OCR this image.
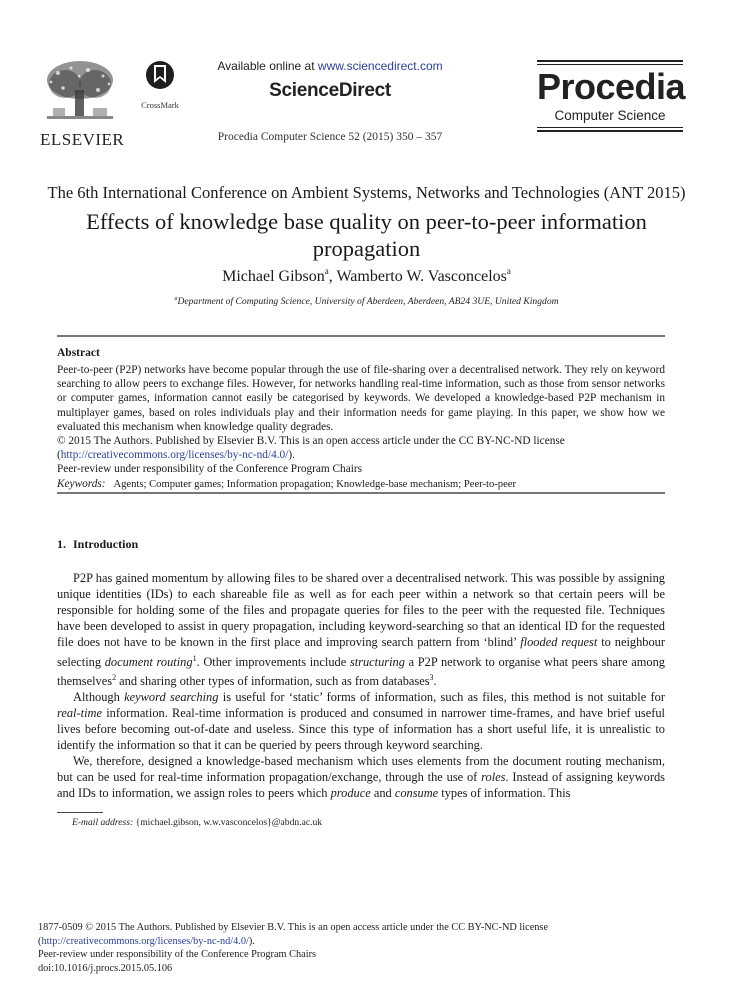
ELSEVIER
CrossMark
Available online at www.sciencedirect.com
ScienceDirect
Procedia Computer Science 52 (2015) 350 – 357
Procedia
Computer Science
The 6th International Conference on Ambient Systems, Networks and Technologies (ANT 2015)
Effects of knowledge base quality on peer-to-peer information propagation
Michael Gibson$^a$, Wamberto W. Vasconcelos$^a$
$^a$Department of Computing Science, University of Aberdeen, Aberdeen, AB24 3UE, United Kingdom
Abstract

Peer-to-peer (P2P) networks have become popular through the use of file-sharing over a decentralised network. They rely on keyword searching to allow peers to exchange files. However, for networks handling real-time information, such as those from sensor networks or computer games, information cannot easily be categorised by keywords. We developed a knowledge-based P2P mechanism in multiplayer games, based on roles individuals play and their information needs for game playing. In this paper, we show how we evaluated this mechanism when knowledge quality degrades.

© 2015 The Authors. Published by Elsevier B.V. This is an open access article under the CC BY-NC-ND license

(http://creativecommons.org/licenses/by-nc-nd/4.0/).

Peer-review under responsibility of the Conference Program Chairs

Keywords: Agents; Computer games; Information propagation; Knowledge-base mechanism; Peer-to-peer

1. Introduction

P2P has gained momentum by allowing files to be shared over a decentralised network. This was possible by assigning unique identities (IDs) to each shareable file as well as for each peer within a network so that certain peers will be responsible for holding some of the files and propagate queries for files to the peer with the requested file. Techniques have been developed to assist in query propagation, including keyword-searching so that an identical ID for the requested file does not have to be known in the first place and improving search pattern from ‘blind’ flooded request to neighbour selecting document routing$^1$. Other improvements include structuring a P2P network to organise what peers share among themselves$^2$ and sharing other types of information, such as from databases$^3$.

Although keyword searching is useful for ‘static’ forms of information, such as files, this method is not suitable for real-time information. Real-time information is produced and consumed in narrower time-frames, and have brief useful lives before becoming out-of-date and useless. Since this type of information has a short useful life, it is unrealistic to identify the information so that it can be queried by peers through keyword searching.

We, therefore, designed a knowledge-based mechanism which uses elements from the document routing mechanism, but can be used for real-time information propagation/exchange, through the use of roles. Instead of assigning keywords and IDs to information, we assign roles to peers which produce and consume types of information. This

E-mail address: {michael.gibson, w.w.vasconcelos}@abdn.ac.uk
1877-0509 © 2015 The Authors. Published by Elsevier B.V. This is an open access article under the CC BY-NC-ND license
(http://creativecommons.org/licenses/by-nc-nd/4.0/).
Peer-review under responsibility of the Conference Program Chairs
doi:10.1016/j.procs.2015.05.106
